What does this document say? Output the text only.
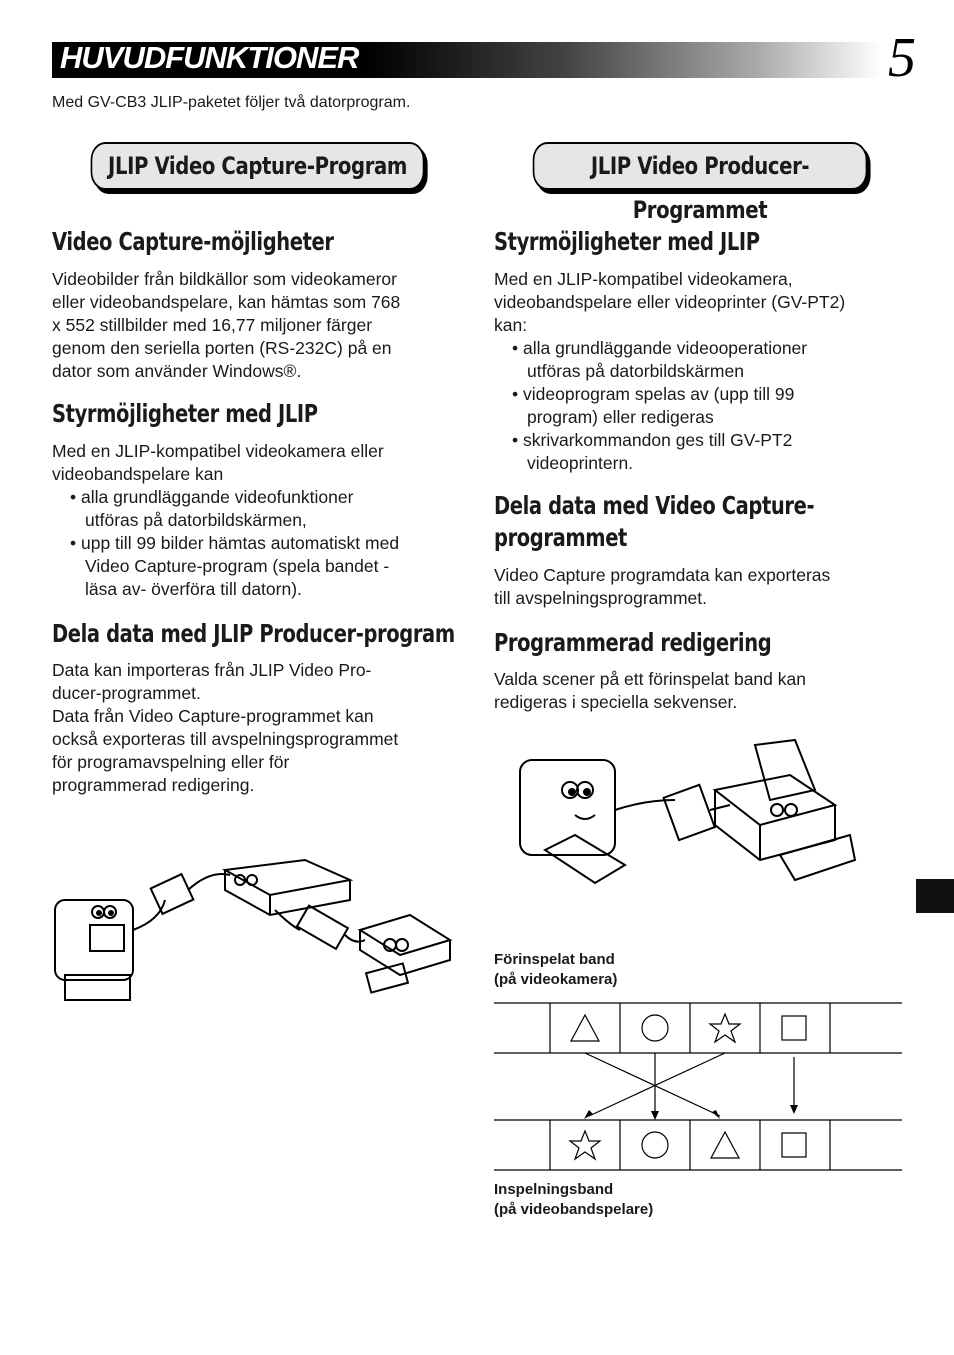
HUVUDFUNKTIONER	5
Med GV-CB3 JLIP-paketet följer två datorprogram.
JLIP Video Capture-Program	JLIP Video Producer-Programmet
Video Capture-möjligheter

Videobilder från bildkällor som videokameror
eller videobandspelare, kan hämtas som 768
x 552 stillbilder med 16,77 miljoner färger
genom den seriella porten (RS-232C) på en
dator som använder Windows®.

Styrmöjligheter med JLIP

Med en JLIP-kompatibel videokamera eller
videobandspelare kan

• alla grundläggande videofunktioner
utföras på datorbildskärmen,
• upp till 99 bilder hämtas automatiskt med
Video Capture-program (spela bandet -
läsa av- överföra till datorn).
Dela data med JLIP Producer-program

Data kan importeras från JLIP Video Pro-
ducer-programmet.
Data från Video Capture-programmet kan
också exporteras till avspelningsprogrammet
för programavspelning eller för
programmerad redigering.

Styrmöjligheter med JLIP

Med en JLIP-kompatibel videokamera,
videobandspelare eller videoprinter (GV-PT2)
kan:

• alla grundläggande videooperationer
utföras på datorbildskärmen
• videoprogram spelas av (upp till 99
program) eller redigeras
• skrivarkommandon ges till GV-PT2
videoprintern.
Dela data med Video Capture-
programmet

Video Capture programdata kan exporteras
till avspelningsprogrammet.

Programmerad redigering

Valda scener på ett förinspelat band kan
redigeras i speciella sekvenser.

Förinspelat band
(på videokamera)
Inspelningsband
(på videobandspelare)
